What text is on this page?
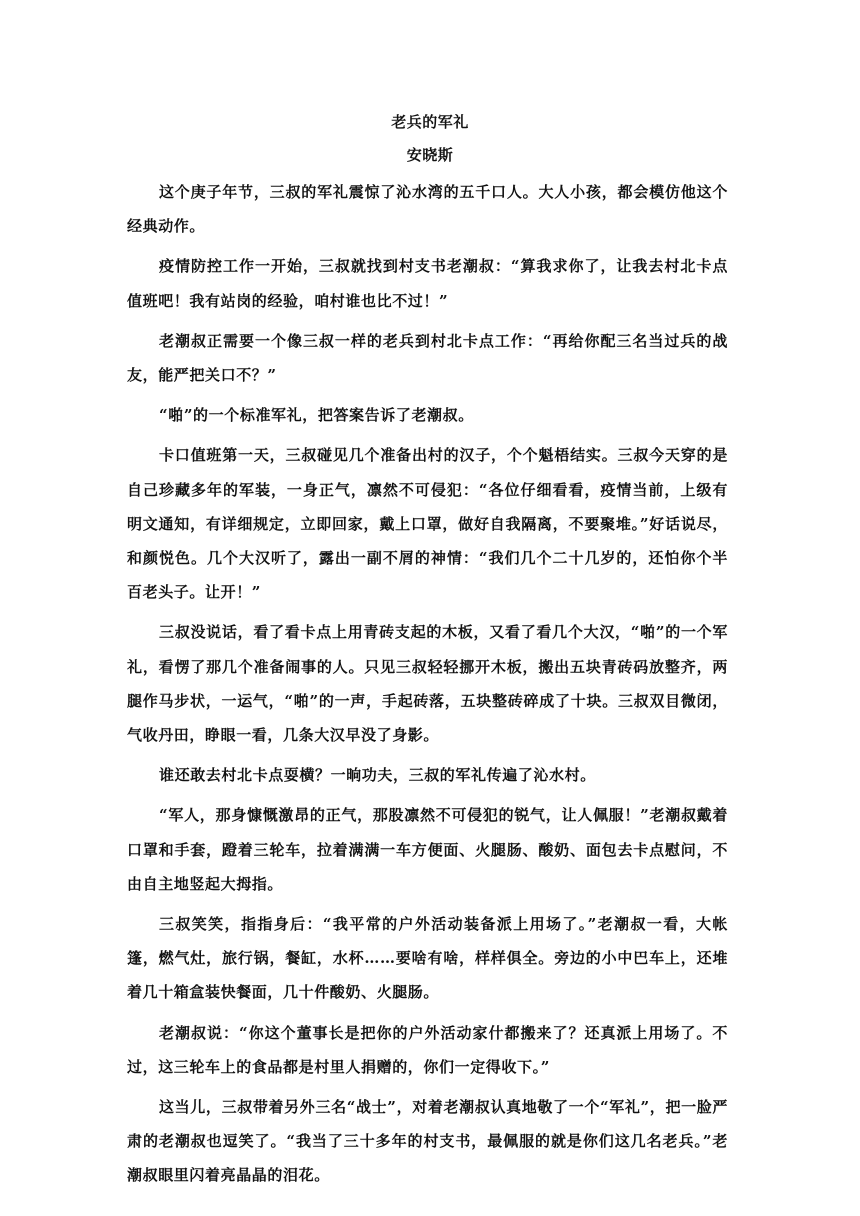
老兵的军礼
安晓斯

这个庚子年节，三叔的军礼震惊了沁水湾的五千口人。大人小孩，都会模仿他这个经典动作。

疫情防控工作一开始，三叔就找到村支书老潮叔：“算我求你了，让我去村北卡点值班吧！我有站岗的经验，咱村谁也比不过！”

老潮叔正需要一个像三叔一样的老兵到村北卡点工作：“再给你配三名当过兵的战友，能严把关口不？”

“啪”的一个标准军礼，把答案告诉了老潮叔。

卡口值班第一天，三叔碰见几个准备出村的汉子，个个魁梧结实。三叔今天穿的是自己珍藏多年的军装，一身正气，凛然不可侵犯：“各位仔细看看，疫情当前，上级有明文通知，有详细规定，立即回家，戴上口罩，做好自我隔离，不要聚堆。”好话说尽，和颜悦色。几个大汉听了，露出一副不屑的神情：“我们几个二十几岁的，还怕你个半百老头子。让开！”

三叔没说话，看了看卡点上用青砖支起的木板，又看了看几个大汉，“啪”的一个军礼，看愣了那几个准备闹事的人。只见三叔轻轻挪开木板，搬出五块青砖码放整齐，两腿作马步状，一运气，“啪”的一声，手起砖落，五块整砖碎成了十块。三叔双目微闭，气收丹田，睁眼一看，几条大汉早没了身影。

谁还敢去村北卡点耍横？一晌功夫，三叔的军礼传遍了沁水村。

“军人，那身慷慨激昂的正气，那股凛然不可侵犯的锐气，让人佩服！”老潮叔戴着口罩和手套，蹬着三轮车，拉着满满一车方便面、火腿肠、酸奶、面包去卡点慰问，不由自主地竖起大拇指。

三叔笑笑，指指身后：“我平常的户外活动装备派上用场了。”老潮叔一看，大帐篷，燃气灶，旅行锅，餐缸，水杯……要啥有啥，样样俱全。旁边的小中巴车上，还堆着几十箱盒装快餐面，几十件酸奶、火腿肠。

老潮叔说：“你这个董事长是把你的户外活动家什都搬来了？还真派上用场了。不过，这三轮车上的食品都是村里人捐赠的，你们一定得收下。”

这当儿，三叔带着另外三名“战士”，对着老潮叔认真地敬了一个“军礼”，把一脸严肃的老潮叔也逗笑了。“我当了三十多年的村支书，最佩服的就是你们这几名老兵。”老潮叔眼里闪着亮晶晶的泪花。
